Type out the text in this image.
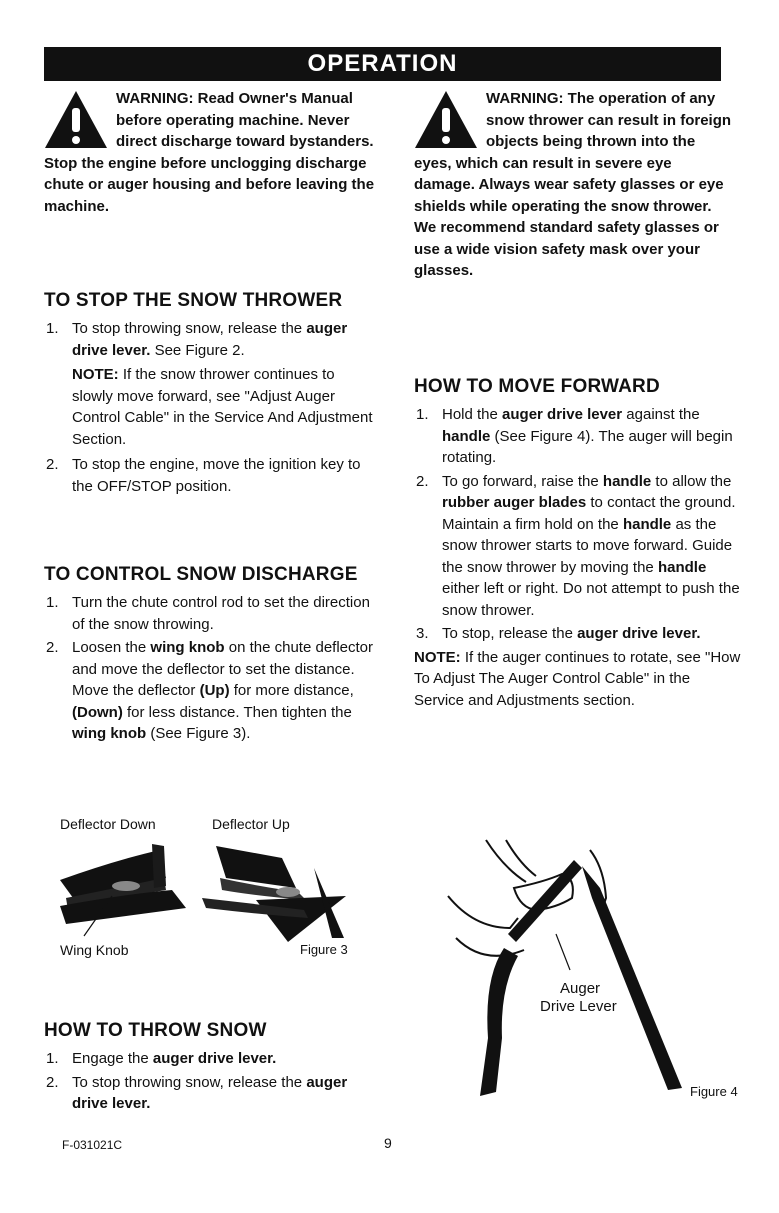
OPERATION
WARNING: Read Owner's Manual before operating machine. Never direct discharge toward bystanders. Stop the engine before unclogging discharge chute or auger housing and before leaving the machine.
TO STOP THE SNOW THROWER
1. To stop throwing snow, release the auger drive lever. See Figure 2.
NOTE: If the snow thrower continues to slowly move forward, see "Adjust Auger Control Cable" in the Service And Adjustment Section.
2. To stop the engine, move the ignition key to the OFF/STOP position.
TO CONTROL SNOW DISCHARGE
1. Turn the chute control rod to set the direction of the snow throwing.
2. Loosen the wing knob on the chute deflector and move the deflector to set the distance. Move the deflector (Up) for more distance, (Down) for less distance. Then tighten the wing knob (See Figure 3).
Deflector Down	Deflector Up
Wing Knob	Figure 3
HOW TO THROW SNOW
1. Engage the auger drive lever.
2. To stop throwing snow, release the auger drive lever.
WARNING: The operation of any snow thrower can result in foreign objects being thrown into the eyes, which can result in severe eye damage. Always wear safety glasses or eye shields while operating the snow thrower. We recommend standard safety glasses or use a wide vision safety mask over your glasses.
HOW TO MOVE FORWARD
1. Hold the auger drive lever against the handle (See Figure 4). The auger will begin rotating.
2. To go forward, raise the handle to allow the rubber auger blades to contact the ground. Maintain a firm hold on the handle as the snow thrower starts to move forward. Guide the snow thrower by moving the handle either left or right. Do not attempt to push the snow thrower.
3. To stop, release the auger drive lever.
NOTE: If the auger continues to rotate, see "How To Adjust The Auger Control Cable" in the Service and Adjustments section.
Auger
Drive Lever
Figure 4
F-031021C	9
